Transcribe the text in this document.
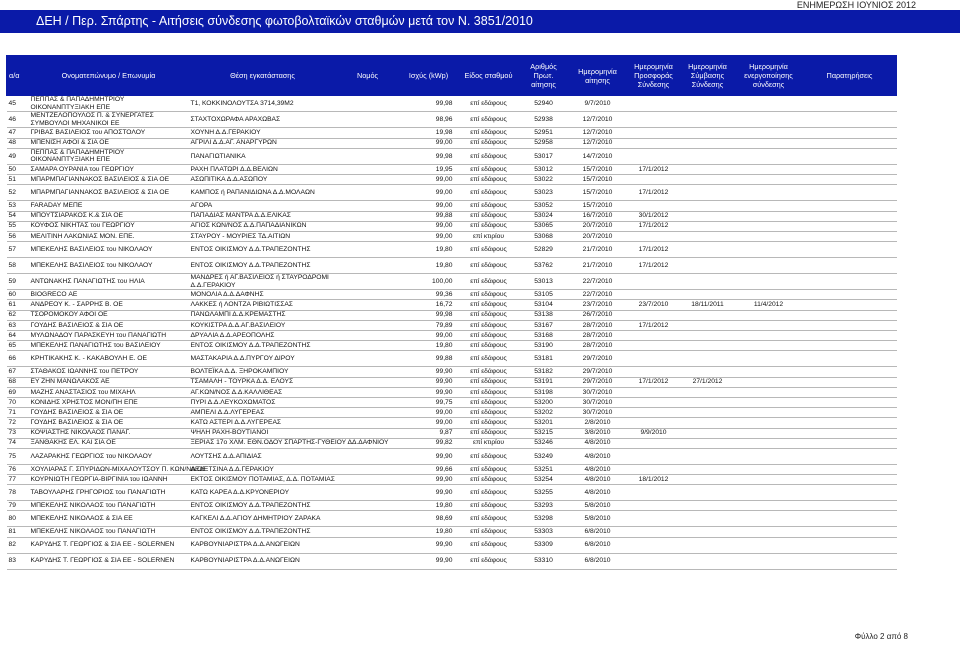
ΕΝΗΜΕΡΩΣΗ ΙΟΥΝΙΟΣ 2012
ΔΕΗ / Περ. Σπάρτης - Αιτήσεις σύνδεσης φωτοβολταϊκών σταθμών μετά τον Ν. 3851/2010
α/α	Ονοματεπώνυμο / Επωνυμία	Θέση εγκατάστασης	Νομός	Ισχύς (kWp)	Είδος σταθμού	Αριθμός Πρωτ. αίτησης	Ημερομηνία αίτησης	Ημερομηνία Προσφοράς Σύνδεσης	Ημερομηνία Σύμβασης Σύνδεσης	Ημερομηνία ενεργοποίησης σύνδεσης	Παρατηρήσεις
45	ΠΕΠΠΑΣ & ΠΑΠΑΔΗΜΗΤΡΙΟΥ ΟΙΚΟΝΑΝΠΤΥΞΙΑΚΗ ΕΠΕ	Τ1, ΚΟΚΚΙΝΟΛΟΥΤΣΑ 3714,39Μ2		99,98	επί εδάφους	52940	9/7/2010				
46	ΜΕΝΤΖΕΛΟΠΟΥΛΟΣ Π. & ΣΥΝΕΡΓΑΤΕΣ ΣΥΜΒΟΥΛΟΙ ΜΗΧΑΝΙΚΟΙ ΕΕ	ΣΤΑΧΤΟΧΩΡΑΦΑ ΑΡΑΧΩΒΑΣ		98,96	επί εδάφους	52938	12/7/2010				
47	ΓΡΙΒΑΣ ΒΑΣΙΛΕΙΟΣ του ΑΠΟΣΤΟΛΟΥ	ΧΟΥΝΗ Δ.Δ.ΓΕΡΑΚΙΟΥ		19,98	επί εδάφους	52951	12/7/2010				
48	ΜΠΕΝΙΣΗ ΑΦΟΙ & ΣΙΑ ΟΕ	ΑΓΡΙΛΙ Δ.Δ.ΑΓ. ΑΝΑΡΓΥΡΩΝ		99,00	επί εδάφους	52958	12/7/2010				
49	ΠΕΠΠΑΣ & ΠΑΠΑΔΗΜΗΤΡΙΟΥ ΟΙΚΟΝΑΝΠΤΥΞΙΑΚΗ ΕΠΕ	ΠΑΝΑΓΙΩΤΙΑΝΙΚΑ		99,98	επί εδάφους	53017	14/7/2010				
50	ΣΑΜΑΡΑ ΟΥΡΑΝΙΑ του ΓΕΩΡΓΙΟΥ	ΡΑΧΗ ΠΛΑΤΩΡΙ Δ.Δ.ΒΕΛΙΩΝ		19,95	επί εδάφους	53012	15/7/2010	17/1/2012			
51	ΜΠΑΡΜΠΑΓΙΑΝΝΑΚΟΣ ΒΑΣΙΛΕΙΟΣ & ΣΙΑ ΟΕ	ΑΣΩΠΙΤΙΚΑ Δ.Δ.ΑΣΩΠΟΥ		99,00	επί εδάφους	53022	15/7/2010				
52	ΜΠΑΡΜΠΑΓΙΑΝΝΑΚΟΣ ΒΑΣΙΛΕΙΟΣ & ΣΙΑ ΟΕ	ΚΑΜΠΟΣ ή ΡΑΠΑΝΙΔΙΩΝΑ Δ.Δ.ΜΟΛΑΩΝ		99,00	επί εδάφους	53023	15/7/2010	17/1/2012			
53	FARADAY ΜΕΠΕ	ΑΓΟΡΑ		99,00	επί εδάφους	53052	15/7/2010				
54	ΜΠΟΥΤΣΙΑΡΑΚΟΣ Κ.& ΣΙΑ ΟΕ	ΠΑΠΑΔΙΑΣ ΜΑΝΤΡΑ Δ.Δ.ΕΛΙΚΑΣ		99,88	επί εδάφους	53024	16/7/2010	30/1/2012			
55	ΚΟΥΦΟΣ ΝΙΚΗΤΑΣ του ΓΕΩΡΓΙΟΥ	ΑΓΙΟΣ ΚΩΝ/ΝΟΣ Δ.Δ.ΠΑΠΑΔΙΑΝΙΚΩΝ		99,00	επί εδάφους	53065	20/7/2010	17/1/2012			
56	ΜΕΛΙΤΙΝΗ ΛΑΚΩΝΙΑΣ ΜΟΝ. ΕΠΕ.	ΣΤΑΥΡΟΥ - ΜΟΥΡΙΕΣ ΤΔ.ΑΙΤΙΩΝ		99,00	επί κτιρίου	53068	20/7/2010				
57	ΜΠΕΚΕΛΗΣ ΒΑΣΙΛΕΙΟΣ του ΝΙΚΟΛΑΟΥ	ΕΝΤΟΣ ΟΙΚΙΣΜΟΥ Δ.Δ.ΤΡΑΠΕΖΟΝΤΗΣ		19,80	επί εδάφους	52829	21/7/2010	17/1/2012			
58	ΜΠΕΚΕΛΗΣ ΒΑΣΙΛΕΙΟΣ του ΝΙΚΟΛΑΟΥ	ΕΝΤΟΣ ΟΙΚΙΣΜΟΥ Δ.Δ.ΤΡΑΠΕΖΟΝΤΗΣ		19,80	επί εδάφους	53762	21/7/2010	17/1/2012			
59	ΑΝΤΩΝΑΚΗΣ ΠΑΝΑΓΙΩΤΗΣ του ΗΛΙΑ	ΜΑΝΔΡΕΣ ή ΑΓ.ΒΑΣΙΛΕΙΟΣ ή ΣΤΑΥΡΟΔΡΟΜΙ Δ.Δ.ΓΕΡΑΚΙΟΥ		100,00	επί εδάφους	53013	22/7/2010				
60	BIOGRECO ΑΕ	ΜΟΝΟΛΙΑ Δ.Δ.ΔΑΦΝΗΣ		99,36	επί εδάφους	53105	22/7/2010				
61	ΑΝΔΡΕΟΥ Κ. - ΣΑΡΡΗΣ Β. ΟΕ	ΛΑΚΚΕΣ ή ΛΟΝΤΖΑ ΡΙΒΙΩΤΙΣΣΑΣ		16,72	επί εδάφους	53104	23/7/2010	23/7/2010	18/11/2011	11/4/2012	
62	ΤΣΟΡΟΜΟΚΟΥ ΑΦΟΙ ΟΕ	ΠΑΝΩΛΑΜΠΙ Δ.Δ.ΚΡΕΜΑΣΤΗΣ		99,98	επί εδάφους	53138	26/7/2010				
63	ΓΟΥΔΗΣ ΒΑΣΙΛΕΙΟΣ & ΣΙΑ ΟΕ	ΚΟΥΚΙΣΤΡΑ Δ.Δ.ΑΓ.ΒΑΣΙΛΕΙΟΥ		79,89	επί εδάφους	53167	28/7/2010	17/1/2012			
64	ΜΥΛΩΝΑΔΟΥ ΠΑΡΑΣΚΕΥΗ του ΠΑΝΑΓΙΩΤΗ	ΔΡΥΑΛΙΑ Δ.Δ.ΑΡΕΟΠΟΛΗΣ		99,00	επί εδάφους	53168	28/7/2010				
65	ΜΠΕΚΕΛΗΣ ΠΑΝΑΓΙΩΤΗΣ του ΒΑΣΙΛΕΙΟΥ	ΕΝΤΟΣ ΟΙΚΙΣΜΟΥ Δ.Δ.ΤΡΑΠΕΖΟΝΤΗΣ		19,80	επί εδάφους	53190	28/7/2010				
66	ΚΡΗΤΙΚΑΚΗΣ Κ. - ΚΑΚΑΒΟΥΛΗ Ε. ΟΕ	ΜΑΣΤΑΚΑΡΙΑ Δ.Δ.ΠΥΡΓΟΥ ΔΙΡΟΥ		99,88	επί εδάφους	53181	29/7/2010				
67	ΣΤΑΘΑΚΟΣ ΙΩΑΝΝΗΣ του ΠΕΤΡΟΥ	ΒΟΛΤΕΪΚΑ Δ.Δ. ΞΗΡΟΚΑΜΠΙΟΥ		99,90	επί εδάφους	53182	29/7/2010				
68	ΕΥ ΖΗΝ ΜΑΝΩΛΑΚΟΣ ΑΕ	ΤΣΑΜΑΛΗ - ΤΟΥΡΚΑ Δ.Δ. ΕΛΟΥΣ		99,90	επί εδάφους	53191	29/7/2010	17/1/2012	27/1/2012		
69	ΜΑΖΗΣ ΑΝΑΣΤΑΣΙΟΣ του ΜΙΧΑΗΛ	ΑΓ.ΚΩΝ/ΝΟΣ Δ.Δ.ΚΑΛΛΙΘΕΑΣ		99,90	επί εδάφους	53198	30/7/2010				
70	ΚΟΝΙΔΗΣ ΧΡΗΣΤΟΣ ΜΟΝ/ΠΗ ΕΠΕ	ΠΥΡΙ Δ.Δ.ΛΕΥΚΟΧΩΜΑΤΟΣ		99,75	επί εδάφους	53200	30/7/2010				
71	ΓΟΥΔΗΣ ΒΑΣΙΛΕΙΟΣ & ΣΙΑ ΟΕ	ΑΜΠΕΛΙ Δ.Δ.ΛΥΓΕΡΕΑΣ		99,00	επί εδάφους	53202	30/7/2010				
72	ΓΟΥΔΗΣ ΒΑΣΙΛΕΙΟΣ & ΣΙΑ ΟΕ	ΚΑΤΩ ΑΣΤΕΡΙ Δ.Δ.ΛΥΓΕΡΕΑΣ		99,00	επί εδάφους	53201	2/8/2010				
73	ΚΟΨΙΑΣΤΗΣ ΝΙΚΟΛΑΟΣ ΠΑΝΑΓ.	ΨΗΛΗ ΡΑΧΗ-ΒΟΥΤΙΑΝΟΙ		9,87	επί εδάφους	53215	3/8/2010	9/9/2010			
74	ΞΑΝΘΑΚΗΣ ΕΛ. ΚΑΙ ΣΙΑ ΟΕ	ΞΕΡΙΑΣ 17ο ΧΛΜ. ΕΘΝ.ΟΔΟΥ ΣΠΑΡΤΗΣ-ΓΥΘΕΙΟΥ ΔΔ.ΔΑΦΝΙΟΥ		99,82	επί κτιρίου	53246	4/8/2010				
75	ΛΑΖΑΡΑΚΗΣ ΓΕΩΡΓΙΟΣ του ΝΙΚΟΛΑΟΥ	ΛΟΥΤΣΗΣ Δ.Δ.ΑΠΙΔΙΑΣ		99,90	επί εδάφους	53249	4/8/2010				
76	ΧΟΥΛΙΑΡΑΣ Γ. ΣΠΥΡΙΔΩΝ-ΜΙΧΑΛΟΥΤΣΟΥ Π. ΚΩΝ/ΝΑ ΟΕ	ΔΕΔΕΤΣΙΝΑ Δ.Δ.ΓΕΡΑΚΙΟΥ		99,66	επί εδάφους	53251	4/8/2010				
77	ΚΟΥΡΝΙΩΤΗ ΓΕΩΡΓΙΑ-ΒΙΡΓΙΝΙΑ του ΙΩΑΝΝΗ	ΕΚΤΟΣ ΟΙΚΙΣΜΟΥ ΠΟΤΑΜΙΑΣ, Δ.Δ. ΠΟΤΑΜΙΑΣ		99,90	επί εδάφους	53254	4/8/2010	18/1/2012			
78	ΤΑΒΟΥΛΑΡΗΣ ΓΡΗΓΟΡΙΟΣ του ΠΑΝΑΓΙΩΤΗ	ΚΑΤΩ ΚΑΡΕΑ Δ.Δ.ΚΡΥΟΝΕΡΙΟΥ		99,90	επί εδάφους	53255	4/8/2010				
79	ΜΠΕΚΕΛΗΣ ΝΙΚΟΛΑΟΣ του ΠΑΝΑΓΙΩΤΗ	ΕΝΤΟΣ ΟΙΚΙΣΜΟΥ Δ.Δ.ΤΡΑΠΕΖΟΝΤΗΣ		19,80	επί εδάφους	53293	5/8/2010				
80	ΜΠΕΚΕΛΗΣ ΝΙΚΟΛΑΟΣ & ΣΙΑ ΕΕ	ΚΑΓΚΕΛΙ Δ.Δ.ΑΓΙΟΥ ΔΗΜΗΤΡΙΟΥ ΖΑΡΑΚΑ		98,69	επί εδάφους	53298	5/8/2010				
81	ΜΠΕΚΕΛΗΣ ΝΙΚΟΛΑΟΣ του ΠΑΝΑΓΙΩΤΗ	ΕΝΤΟΣ ΟΙΚΙΣΜΟΥ Δ.Δ.ΤΡΑΠΕΖΟΝΤΗΣ		19,80	επί εδάφους	53303	6/8/2010				
82	ΚΑΡΥΔΗΣ Τ. ΓΕΩΡΓΙΟΣ & ΣΙΑ ΕΕ - SOLERNEN	ΚΑΡΒΟΥΝΙΑΡΙΣΤΡΑ Δ.Δ.ΑΝΩΓΕΙΩΝ		99,90	επί εδάφους	53309	6/8/2010				
83	ΚΑΡΥΔΗΣ Τ. ΓΕΩΡΓΙΟΣ & ΣΙΑ ΕΕ - SOLERNEN	ΚΑΡΒΟΥΝΙΑΡΙΣΤΡΑ Δ.Δ.ΑΝΩΓΕΙΩΝ		99,90	επί εδάφους	53310	6/8/2010				
Φύλλο 2 από 8
